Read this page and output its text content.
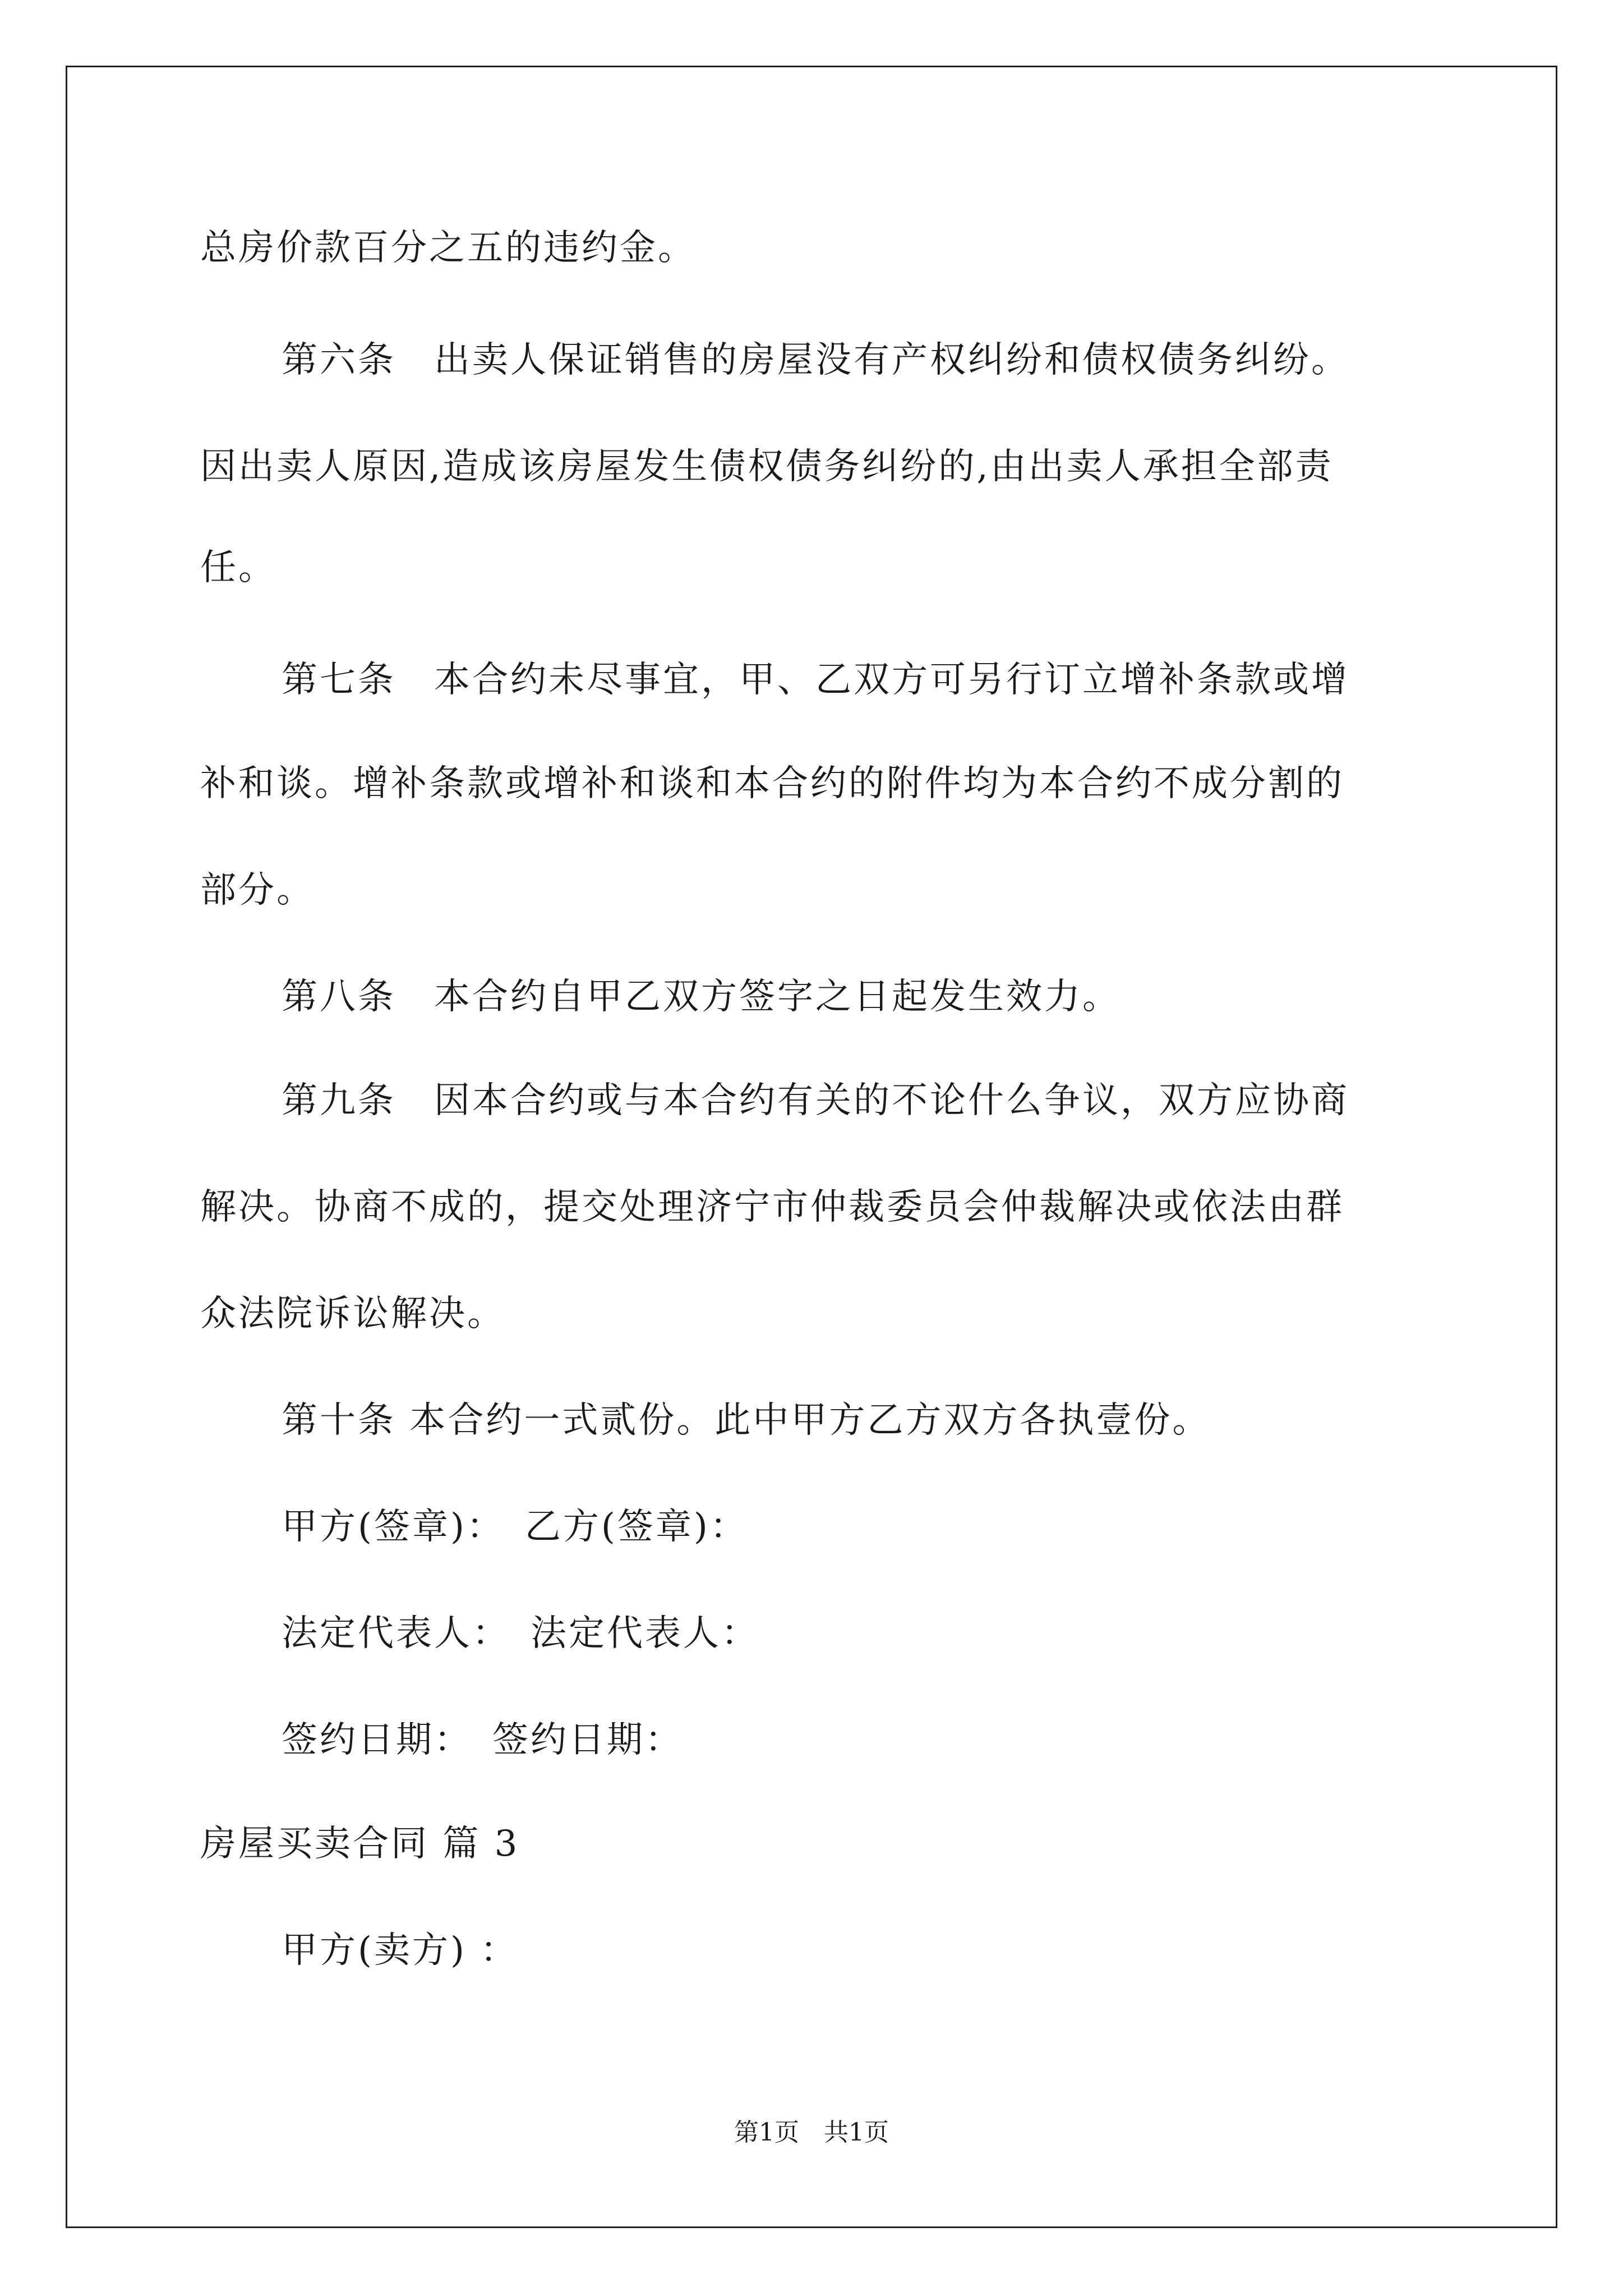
总房价款百分之五的违约金。
第六条　出卖人保证销售的房屋没有产权纠纷和债权债务纠纷。
因出卖人原因,造成该房屋发生债权债务纠纷的,由出卖人承担全部责
任。
第七条　本合约未尽事宜，甲、乙双方可另行订立增补条款或增
补和谈。增补条款或增补和谈和本合约的附件均为本合约不成分割的
部分。
第八条　本合约自甲乙双方签字之日起发生效力。
第九条　因本合约或与本合约有关的不论什么争议，双方应协商
解决。协商不成的，提交处理济宁市仲裁委员会仲裁解决或依法由群
众法院诉讼解决。
第十条 本合约一式贰份。此中甲方乙方双方各执壹份。
甲方(签章)：　乙方(签章)：
法定代表人：　法定代表人：
签约日期：　签约日期：
房屋买卖合同 篇 3
甲方(卖方) ：
第1页　共1页
